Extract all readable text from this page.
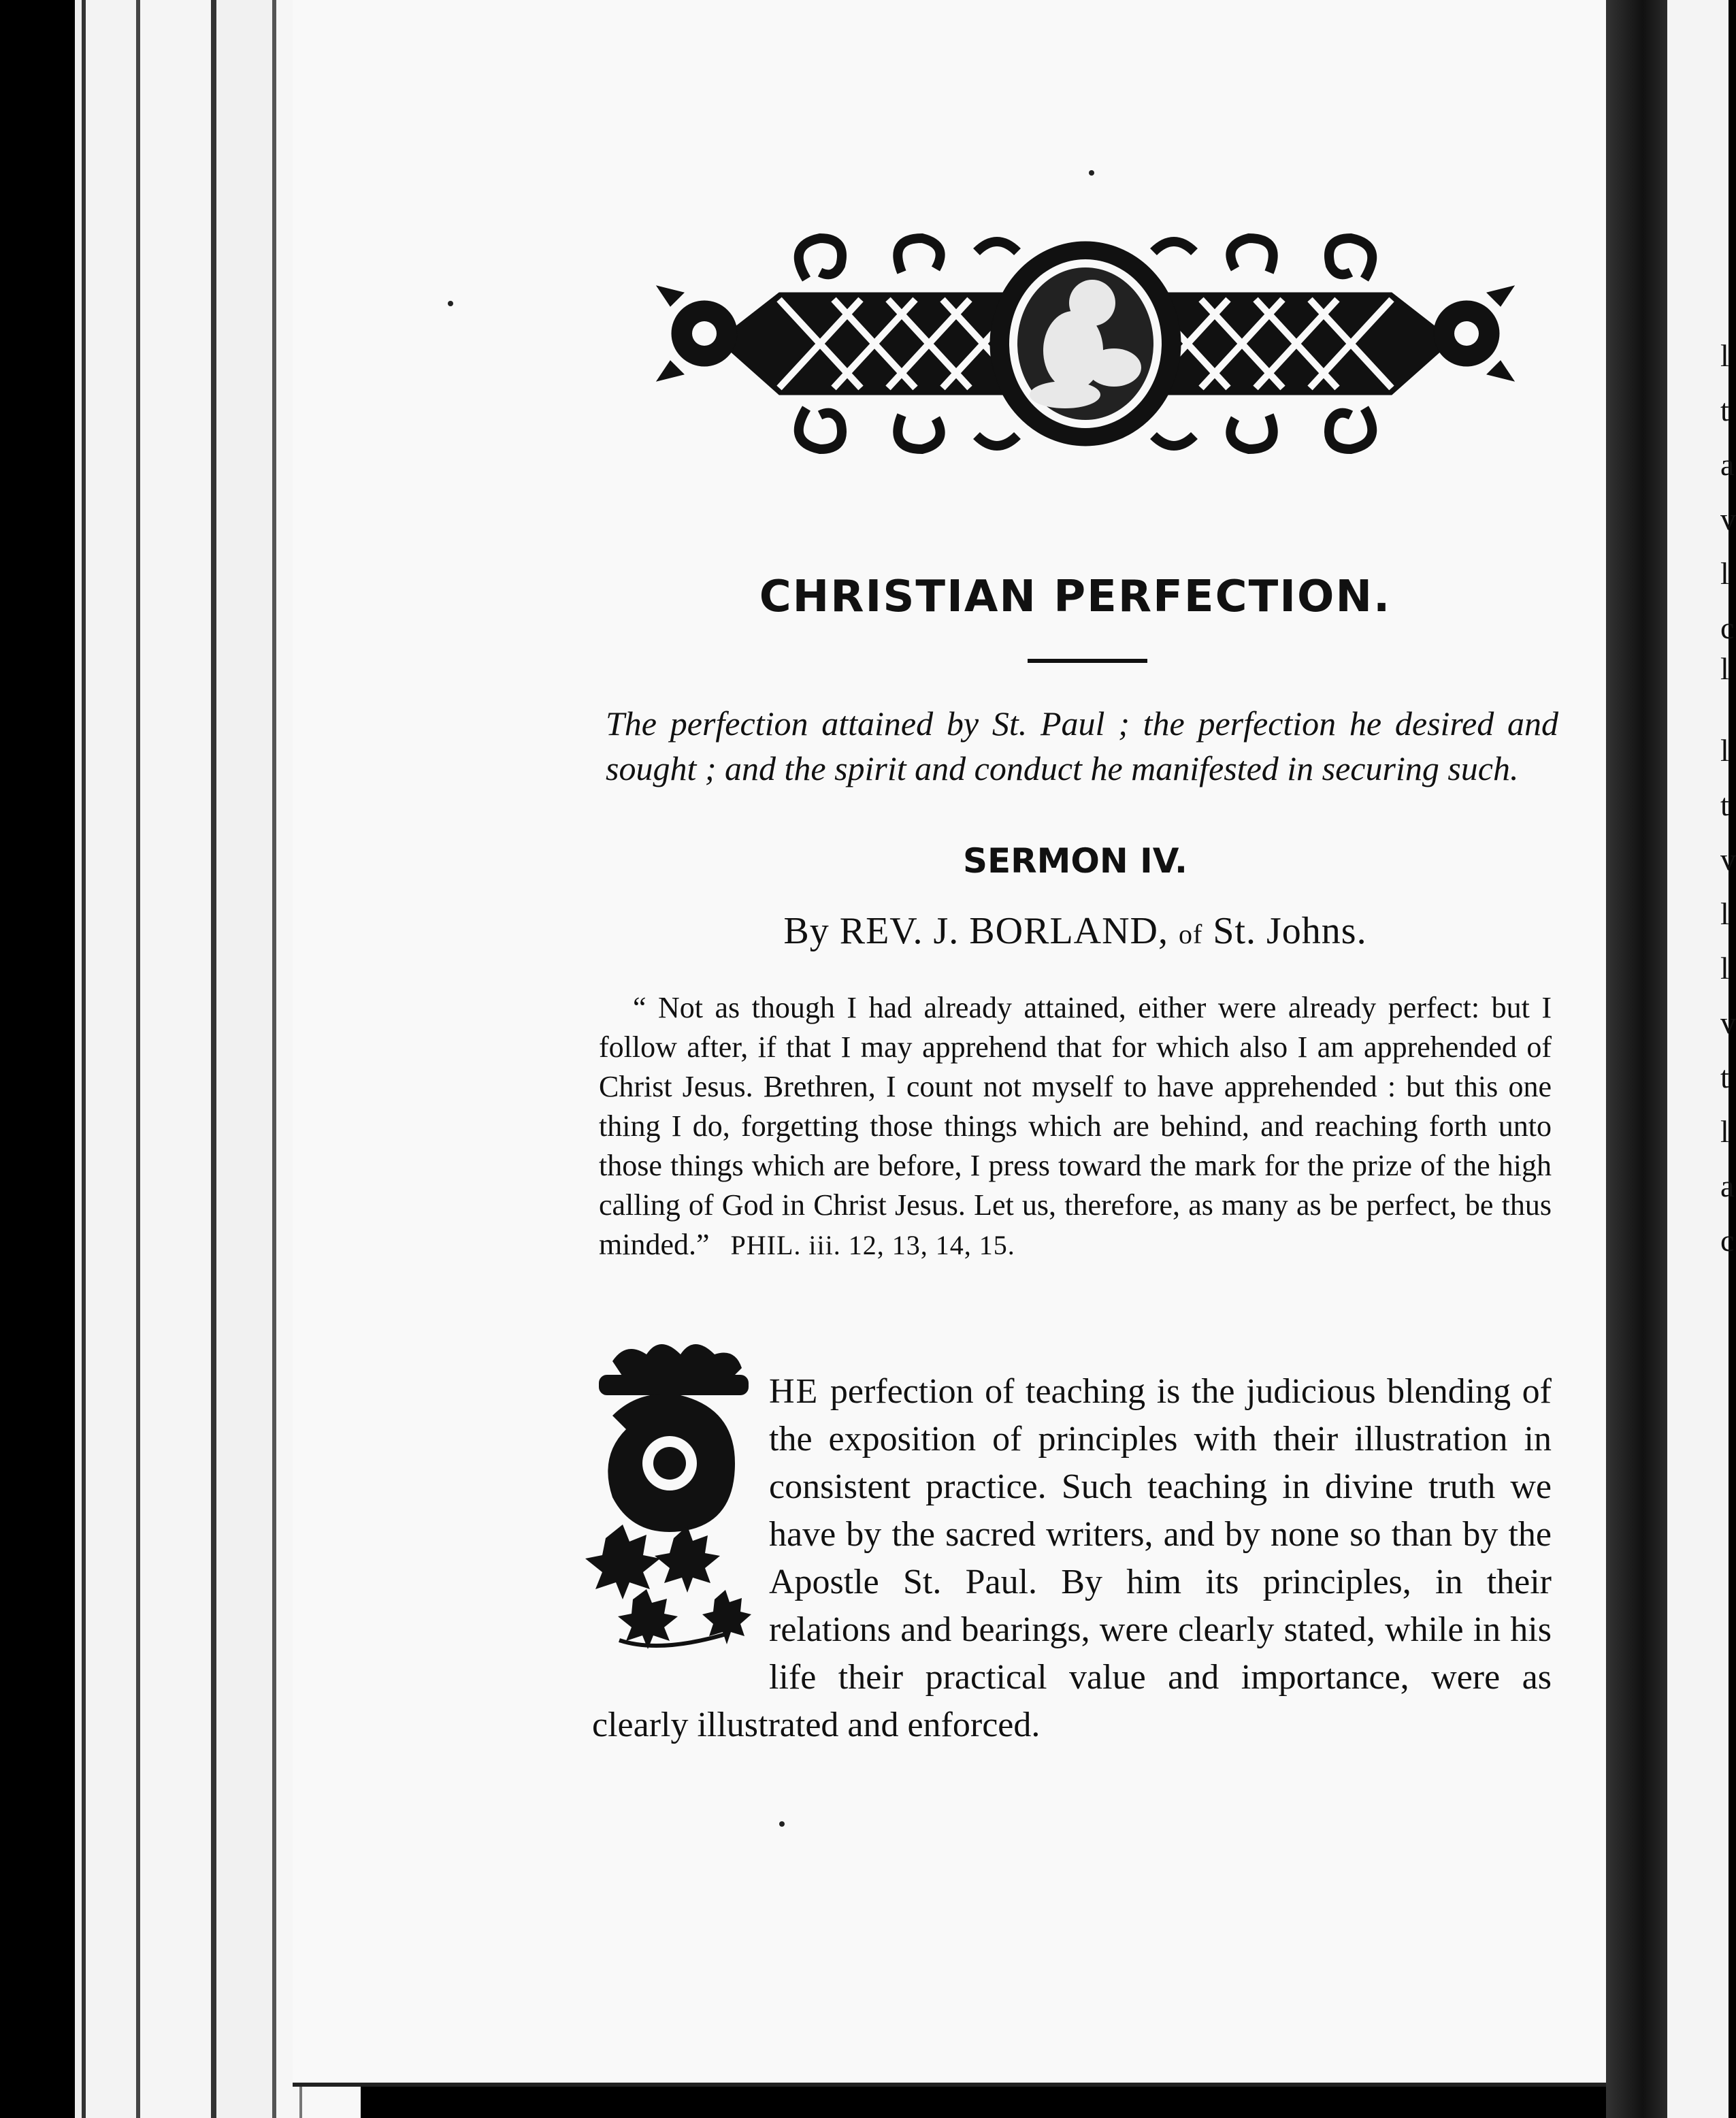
l
t
a
v
l
c
l
l
t
v
l
l
v
t
l
a
c
CHRISTIAN PERFECTION.

The perfection attained by St. Paul ; the perfection he desired and sought ; and the spirit and conduct he manifested in securing such.

SERMON IV.

By REV. J. BORLAND, of St. Johns.

“ Not as though I had already attained, either were already perfect: but I follow after, if that I may apprehend that for which also I am apprehended of Christ Jesus. Brethren, I count not myself to have apprehended : but this one thing I do, forgetting those things which are behind, and reaching forth unto those things which are before, I press toward the mark for the prize of the high calling of God in Christ Jesus. Let us, therefore, as many as be perfect, be thus minded.” PHIL. iii. 12, 13, 14, 15.

HE perfection of teaching is the judicious blending of the exposition of principles with their illustration in consistent practice. Such teaching in divine truth we have by the sacred writers, and by none so than by the Apostle St. Paul. By him its principles, in their relations and bearings, were clearly stated, while in his life their practical value and importance, were as clearly illustrated and enforced.
